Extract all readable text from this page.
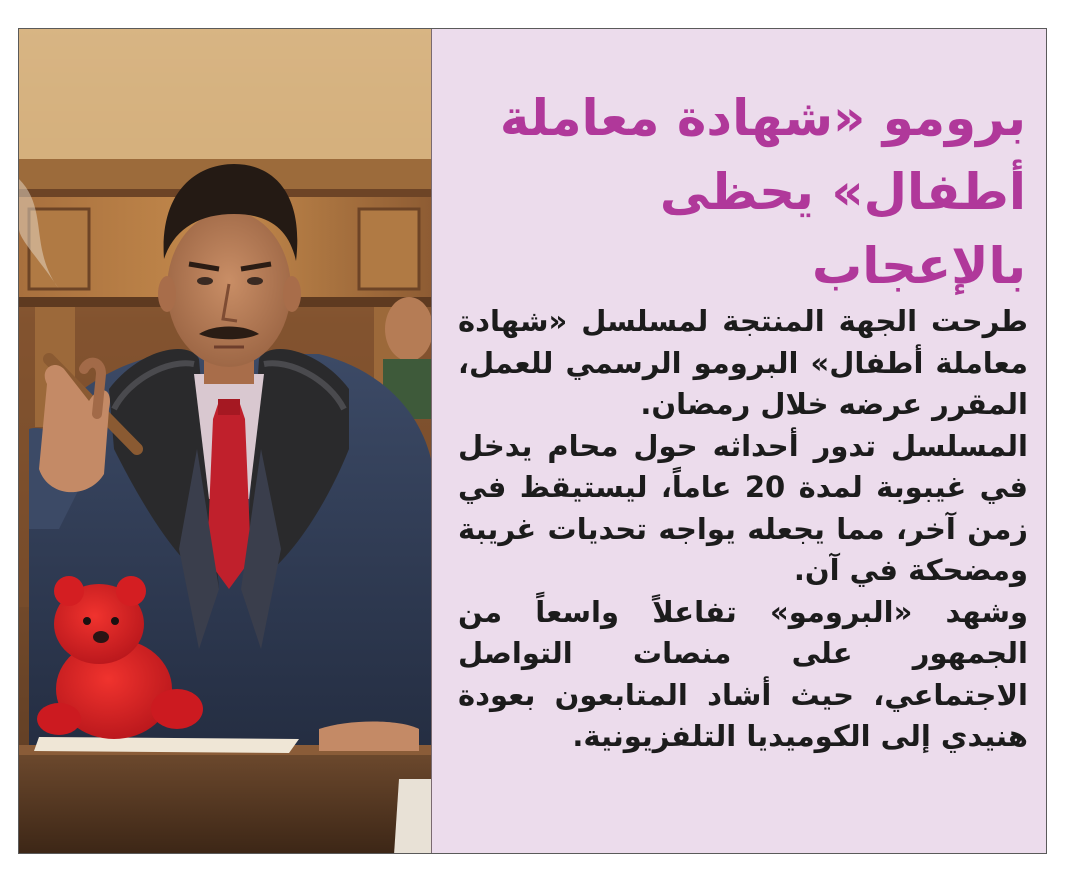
برومو «شهادة معاملة أطفال» يحظى بالإعجاب

طرحت الجهة المنتجة لمسلسل «شهادة معاملة أطفال» البرومو الرسمي للعمل، المقرر عرضه خلال رمضان.

المسلسل تدور أحداثه حول محام يدخل في غيبوبة لمدة 20 عاماً، ليستيقظ في زمن آخر، مما يجعله يواجه تحديات غريبة ومضحكة في آن.

وشهد «البرومو» تفاعلاً واسعاً من الجمهور على منصات التواصل الاجتماعي، حيث أشاد المتابعون بعودة هنيدي إلى الكوميديا التلفزيونية.
